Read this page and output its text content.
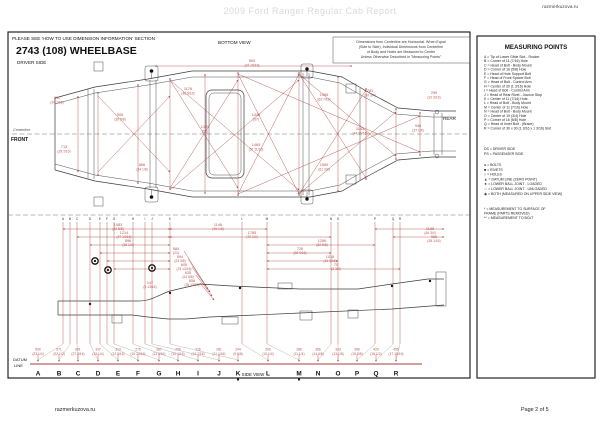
2009 Ford Ranger Regular Cab Report	razmerkuzova.ru
PLEASE SEE 'HOW TO USE DIMENSION INFORMATION' SECTION
2743 (108) WHEELBASE
DRIVER SIDE
BOTTOM VIEW	Dimensions from Centerline are Horizontal. When Equal
(Side to Side), Individual Dimensions from Centerline
of Body and Holes are Measured to Center
Unless Otherwise Described in "Measuring Points"
Centerline
FRONT
REAR
963
(37 15/16)
1176
(46 5/16)
1448
(57)
1465
(57 11/16)
1586
(62 7/16)
1569
(61 3/4)
905
(35 5/8)
713
(28 1/16)
946
(37 1/4)
781
(30 3/4)
866
(34 1/8)
611
(24 1/16)
259
(10 3/16)
1320
(52)
1141
(44 15/16)
1083
(42 5/8)
1146
(45 1/8)
1214
(47 13/16)
1785
(70 1/4)
896
(35 1/4)
1286
(50 5/8)
726
(28 9/16)
1018
(40 1/16)
70
(2 3/4)
1188
(46 3/4)
966
(38 1/16)
584
(23)
594
(23 3/8)
605
(23 13/16)
625
(24 5/8)
656
(25 13/16)
147
(5 13/16)
A
590
(23 1/4)
A
B
571
(22 1/2)
B
C
691
(27 3/16)
C
D
337
(13 1/4)
D
E
313
(12 5/16)
E
F
275
(10 13/16)
F
G
287
(11 5/16)
G
H
256
(10 1/16)
H
I
316
(12 7/16)
I
J
281
(11 1/16)
J
K
244
(9 5/8)
K
L
260
(10 1/4)
L
M
286
(11 1/4)
M
N
366
(14 3/8)
N
O
333
(13 1/8)
O
P
396
(15 5/8)
P
Q
420
(16 1/2)
Q
R
455
(17 15/16)
R
DATUM
LINE
SIDE VIEW
MEASURING POINTS
A = Tip of Lower Glide Slot - Rocker
B = Corner of 11 (7/16) Hole
C = Head of Bolt - Body Mount
D = Corner of 16 (5/8) Hole
E = Head of Hole Support Bolt
F = Head of Front Spacer Bolt
G = Head of Bolt - Control Arm
H = Center of 30 (1 3/16) Hole
I = Head of Bolt - Control Arm
J = Head of Rear Rivet - Jounce Stop
K = Center of 11 (7/16) Hole
L = Head of Bolt - Body Mount
M = Center of 11 (7/16) Hole
N = Head of Bolt - Body Mount
O = Center of 19 (3/4) Hole
P = Corner of 16 (5/8) Hole
Q = Head of Inner Bolt - (Brace)
R = Corner of 30 x 30 (1 3/16 x 1 3/16) Slot
DS = DRIVER SIDE
PS = PASSENGER SIDE
● = BOLTS
■ = RIVETS
○ = HOLES
▲ = DATUM LINE (ZERO POINT)
★ = LOWER BALL JOINT - LOADED
☆ = LOWER BALL JOINT - UNLOADED
◉ = BOTH (MEASURED ON UPPER SIDE VIEW)
* = MEASUREMENT TO SURFACE OF
FRAME (PARTS REMOVED)
** = MEASUREMENT TO BOLT
razmerkuzova.ru	Page 2 of 5
